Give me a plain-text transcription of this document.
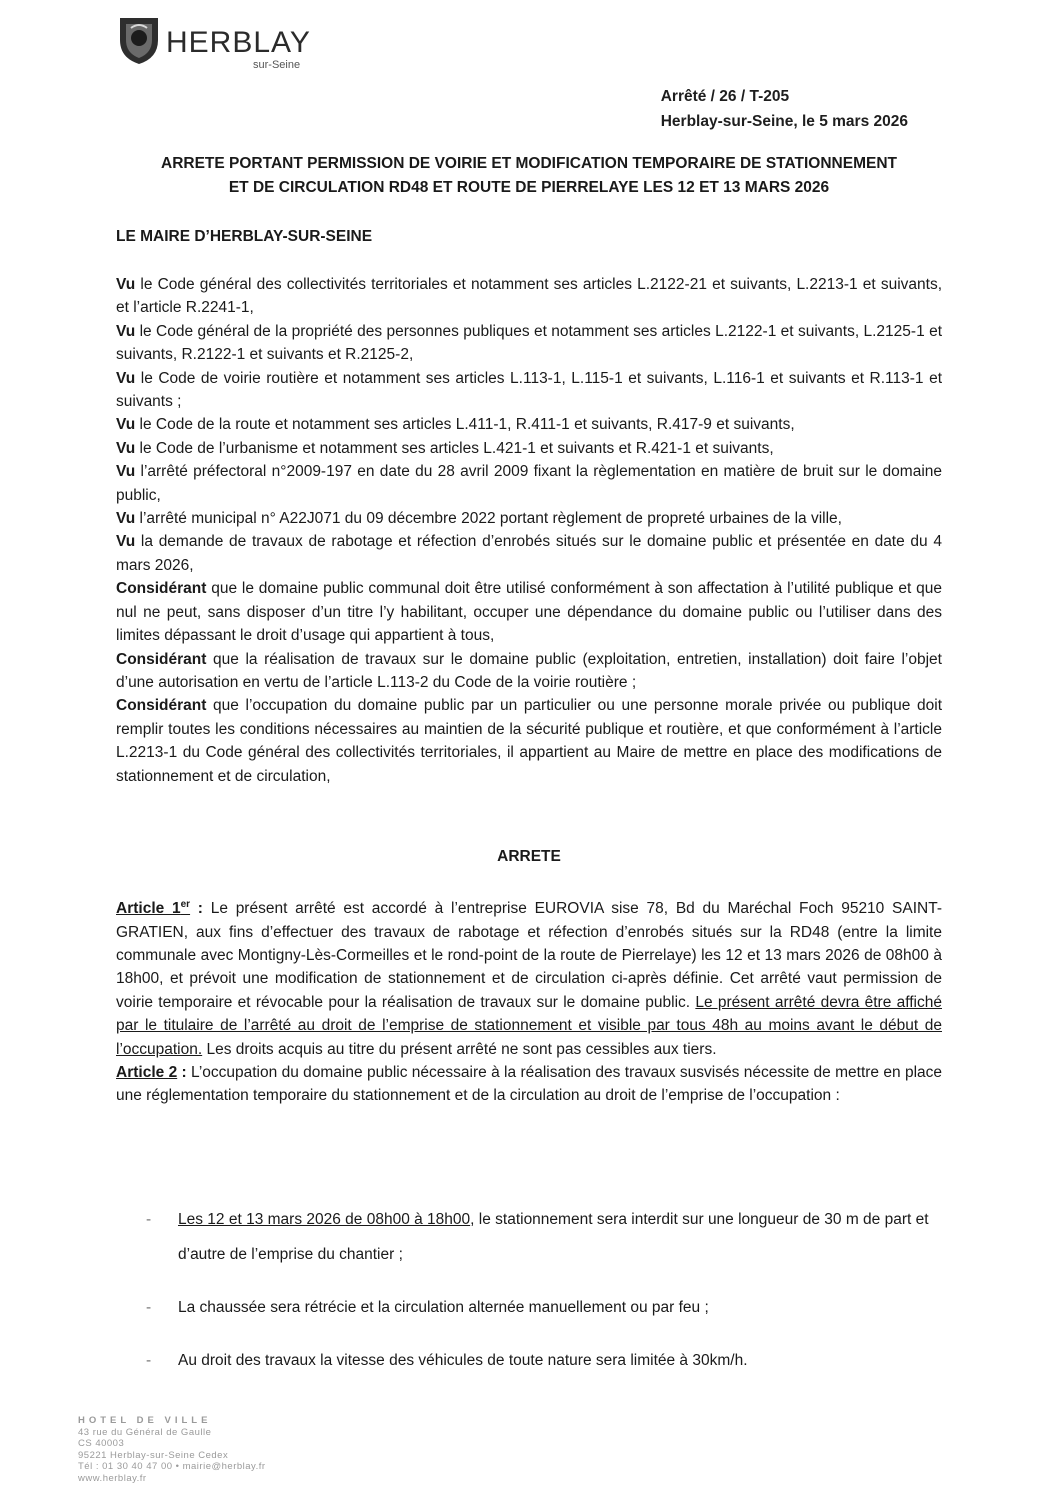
HERBLAY
sur-Seine
Arrêté / 26 / T-205
Herblay-sur-Seine, le 5 mars 2026
ARRETE PORTANT PERMISSION DE VOIRIE ET MODIFICATION TEMPORAIRE DE STATIONNEMENT
ET DE CIRCULATION RD48 ET ROUTE DE PIERRELAYE LES 12 ET 13 MARS 2026
LE MAIRE D’HERBLAY-SUR-SEINE

Vu le Code général des collectivités territoriales et notamment ses articles L.2122-21 et suivants, L.2213-1 et suivants, et l’article R.2241-1,

Vu le Code général de la propriété des personnes publiques et notamment ses articles L.2122-1 et suivants, L.2125-1 et suivants, R.2122-1 et suivants et R.2125-2,

Vu le Code de voirie routière et notamment ses articles L.113-1, L.115-1 et suivants, L.116-1 et suivants et R.113-1 et suivants ;

Vu le Code de la route et notamment ses articles L.411-1, R.411-1 et suivants, R.417-9 et suivants,

Vu le Code de l’urbanisme et notamment ses articles L.421-1 et suivants et R.421-1 et suivants,

Vu l’arrêté préfectoral n°2009-197 en date du 28 avril 2009 fixant la règlementation en matière de bruit sur le domaine public,

Vu l’arrêté municipal n° A22J071 du 09 décembre 2022 portant règlement de propreté urbaines de la ville,

Vu la demande de travaux de rabotage et réfection d’enrobés situés sur le domaine public et présentée en date du 4 mars 2026,

Considérant que le domaine public communal doit être utilisé conformément à son affectation à l’utilité publique et que nul ne peut, sans disposer d’un titre l’y habilitant, occuper une dépendance du domaine public ou l’utiliser dans des limites dépassant le droit d’usage qui appartient à tous,

Considérant que la réalisation de travaux sur le domaine public (exploitation, entretien, installation) doit faire l’objet d’une autorisation en vertu de l’article L.113-2 du Code de la voirie routière ;

Considérant que l’occupation du domaine public par un particulier ou une personne morale privée ou publique doit remplir toutes les conditions nécessaires au maintien de la sécurité publique et routière, et que conformément à l’article L.2213-1 du Code général des collectivités territoriales, il appartient au Maire de mettre en place des modifications de stationnement et de circulation,

ARRETE

Article 1er : Le présent arrêté est accordé à l’entreprise EUROVIA sise 78, Bd du Maréchal Foch 95210 SAINT-GRATIEN, aux fins d’effectuer des travaux de rabotage et réfection d’enrobés situés sur la RD48 (entre la limite communale avec Montigny-Lès-Cormeilles et le rond-point de la route de Pierrelaye) les 12 et 13 mars 2026 de 08h00 à 18h00, et prévoit une modification de stationnement et de circulation ci-après définie. Cet arrêté vaut permission de voirie temporaire et révocable pour la réalisation de travaux sur le domaine public. Le présent arrêté devra être affiché par le titulaire de l’arrêté au droit de l’emprise de stationnement et visible par tous 48h au moins avant le début de l’occupation. Les droits acquis au titre du présent arrêté ne sont pas cessibles aux tiers.

Article 2 : L’occupation du domaine public nécessaire à la réalisation des travaux susvisés nécessite de mettre en place une réglementation temporaire du stationnement et de la circulation au droit de l’emprise de l’occupation :

- Les 12 et 13 mars 2026 de 08h00 à 18h00, le stationnement sera interdit sur une longueur de 30 m de part et d’autre de l’emprise du chantier ;
- La chaussée sera rétrécie et la circulation alternée manuellement ou par feu ;
- Au droit des travaux la vitesse des véhicules de toute nature sera limitée à 30km/h.
HOTEL DE VILLE
43 rue du Général de Gaulle
CS 40003
95221 Herblay-sur-Seine Cedex
Tél : 01 30 40 47 00 • mairie@herblay.fr
www.herblay.fr
